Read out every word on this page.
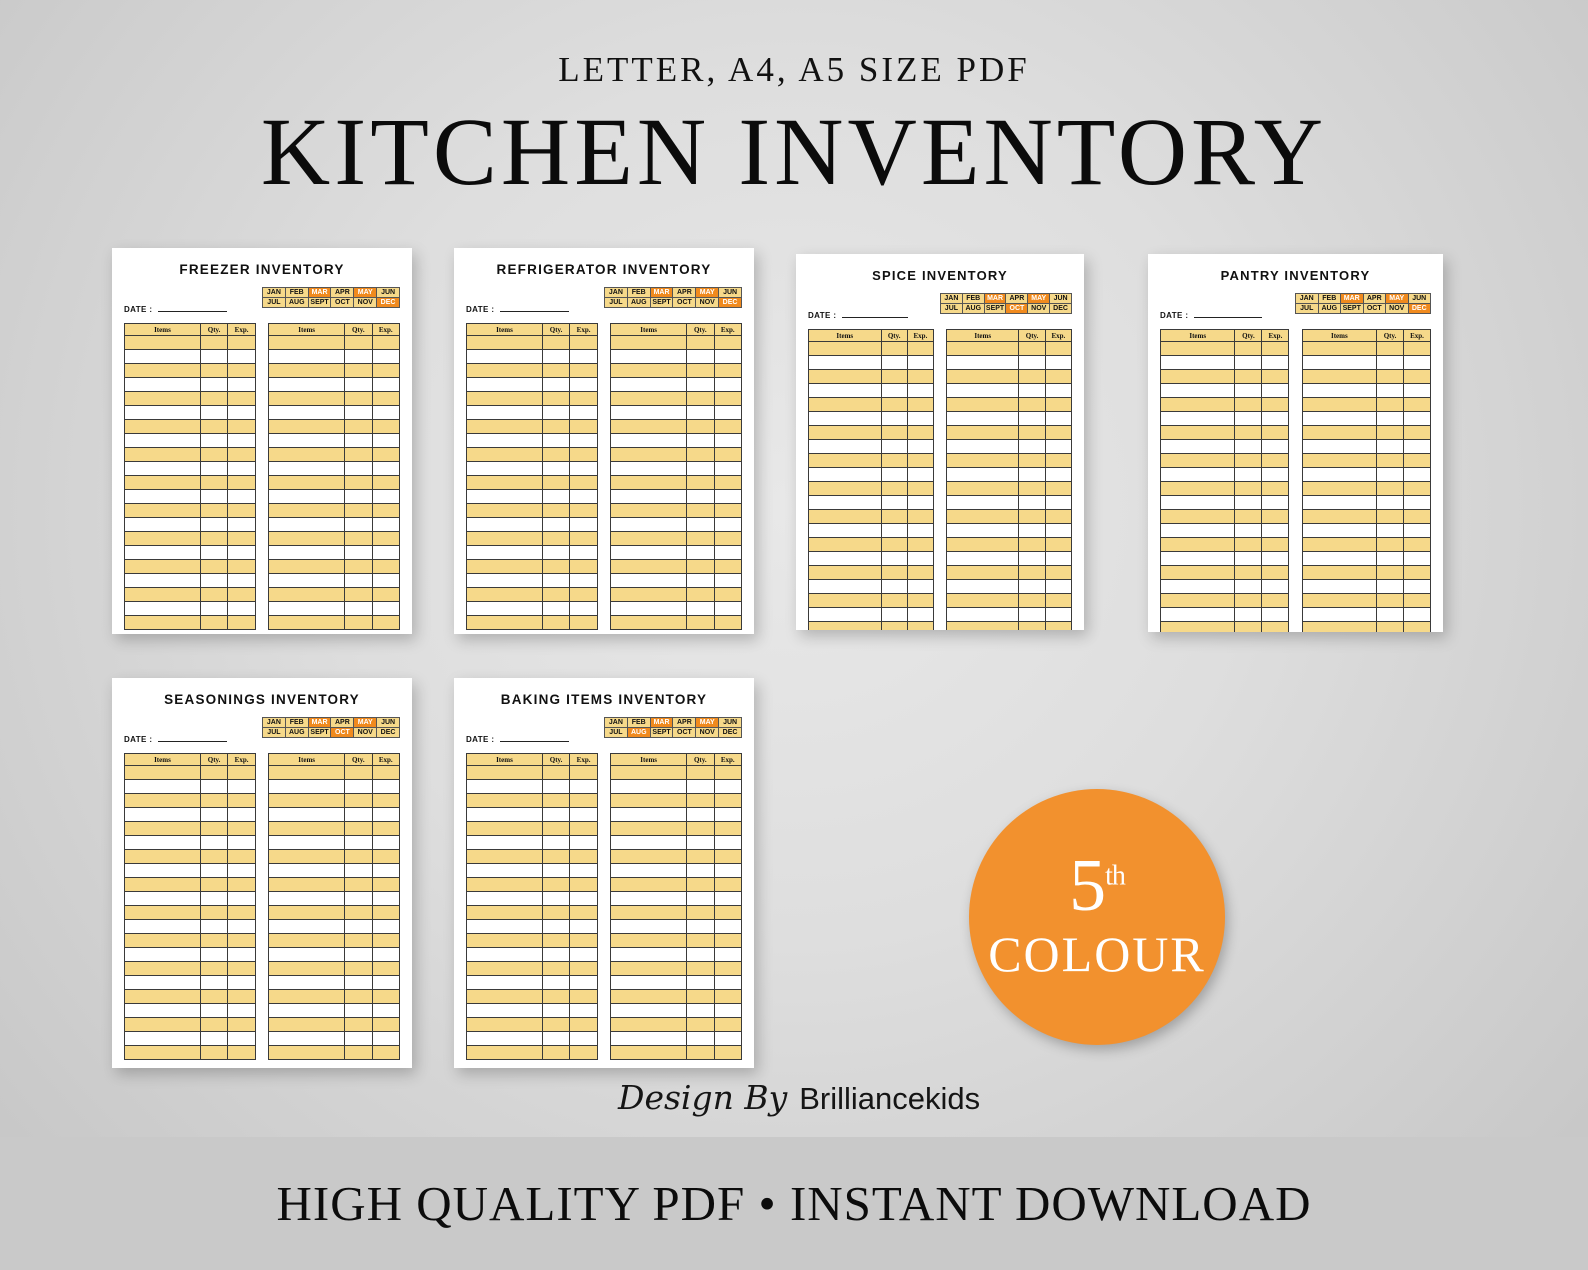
LETTER, A4, A5 SIZE PDF
KITCHEN INVENTORY
FREEZER INVENTORY
DATE :
JAN	FEB	MAR	APR	MAY	JUN
JUL	AUG	SEPT	OCT	NOV	DEC
Items	Qty.	Exp.

			Items	Qty.	Exp.

REFRIGERATOR INVENTORY
DATE :
JAN	FEB	MAR	APR	MAY	JUN
JUL	AUG	SEPT	OCT	NOV	DEC
Items	Qty.	Exp.

			Items	Qty.	Exp.

SPICE INVENTORY
DATE :
JAN	FEB	MAR	APR	MAY	JUN
JUL	AUG	SEPT	OCT	NOV	DEC
Items	Qty.	Exp.

			Items	Qty.	Exp.

PANTRY INVENTORY
DATE :
JAN	FEB	MAR	APR	MAY	JUN
JUL	AUG	SEPT	OCT	NOV	DEC
Items	Qty.	Exp.

			Items	Qty.	Exp.

SEASONINGS INVENTORY
DATE :
JAN	FEB	MAR	APR	MAY	JUN
JUL	AUG	SEPT	OCT	NOV	DEC
Items	Qty.	Exp.

			Items	Qty.	Exp.

BAKING ITEMS INVENTORY
DATE :
JAN	FEB	MAR	APR	MAY	JUN
JUL	AUG	SEPT	OCT	NOV	DEC
Items	Qty.	Exp.

			Items	Qty.	Exp.

5th
COLOUR
Design By Brilliancekids
HIGH QUALITY PDF • INSTANT DOWNLOAD
